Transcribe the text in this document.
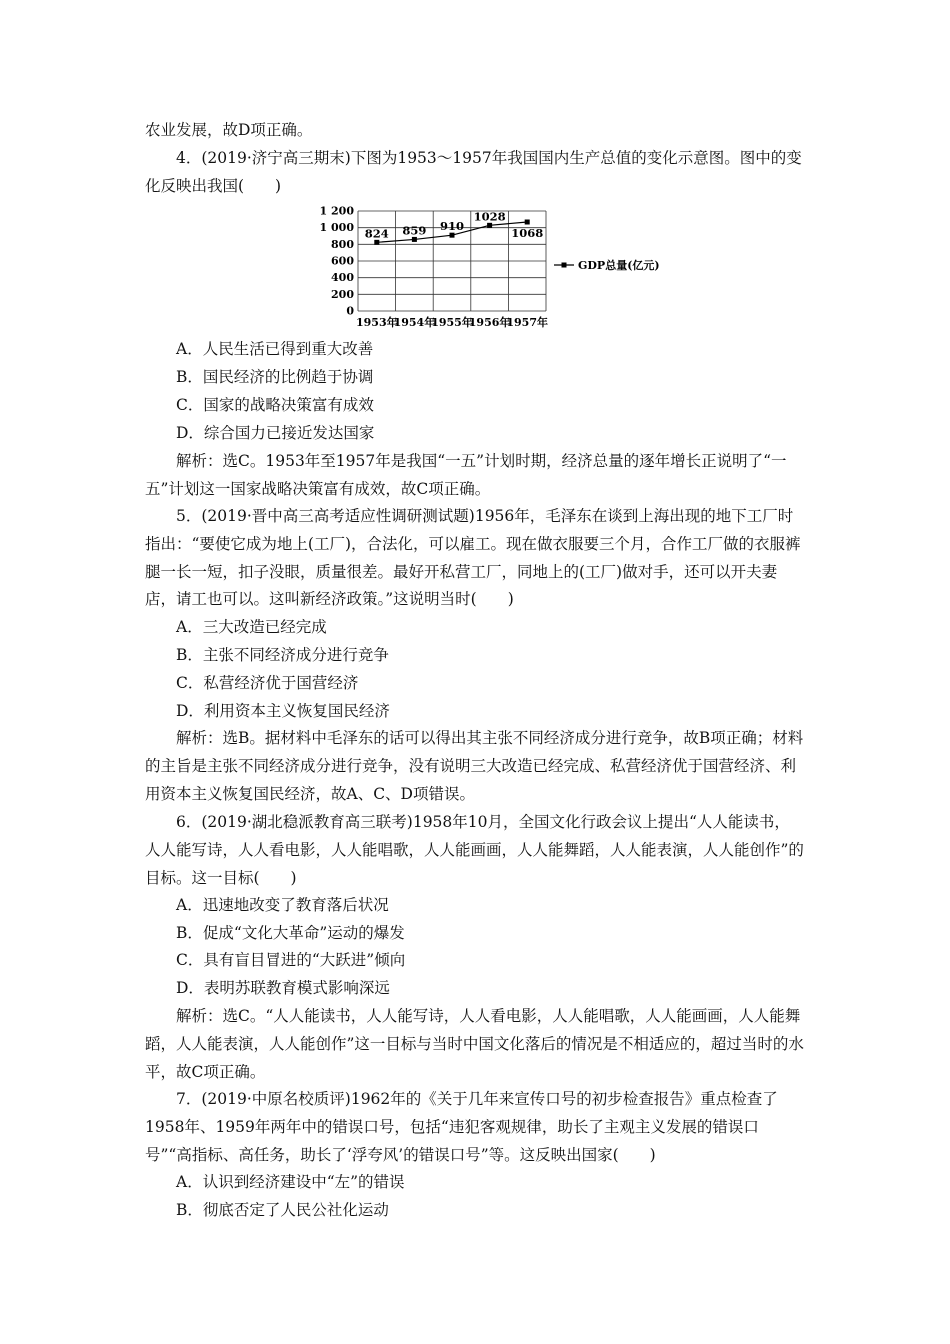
农业发展，故D项正确。

4．(2019·济宁高三期末)下图为1953～1957年我国国内生产总值的变化示意图。图中的变化反映出我国(　　)

0
200
400
600
800
1 000
1 200
1953年
1954年
1955年
1956年
1957年
824 859 910
1028
1068
GDP总量(亿元)

A．人民生活已得到重大改善

B．国民经济的比例趋于协调

C．国家的战略决策富有成效

D．综合国力已接近发达国家

解析：选C。1953年至1957年是我国“一五”计划时期，经济总量的逐年增长正说明了“一五”计划这一国家战略决策富有成效，故C项正确。

5．(2019·晋中高三高考适应性调研测试题)1956年，毛泽东在谈到上海出现的地下工厂时指出：“要使它成为地上(工厂)，合法化，可以雇工。现在做衣服要三个月，合作工厂做的衣服裤腿一长一短，扣子没眼，质量很差。最好开私营工厂，同地上的(工厂)做对手，还可以开夫妻店，请工也可以。这叫新经济政策。”这说明当时(　　)

A．三大改造已经完成

B．主张不同经济成分进行竞争

C．私营经济优于国营经济

D．利用资本主义恢复国民经济

解析：选B。据材料中毛泽东的话可以得出其主张不同经济成分进行竞争，故B项正确；材料的主旨是主张不同经济成分进行竞争，没有说明三大改造已经完成、私营经济优于国营经济、利用资本主义恢复国民经济，故A、C、D项错误。

6．(2019·湖北稳派教育高三联考)1958年10月，全国文化行政会议上提出“人人能读书，人人能写诗，人人看电影，人人能唱歌，人人能画画，人人能舞蹈，人人能表演，人人能创作”的目标。这一目标(　　)

A．迅速地改变了教育落后状况

B．促成“文化大革命”运动的爆发

C．具有盲目冒进的“大跃进”倾向

D．表明苏联教育模式影响深远

解析：选C。“人人能读书，人人能写诗，人人看电影，人人能唱歌，人人能画画，人人能舞蹈，人人能表演，人人能创作”这一目标与当时中国文化落后的情况是不相适应的，超过当时的水平，故C项正确。

7．(2019·中原名校质评)1962年的《关于几年来宣传口号的初步检查报告》重点检查了1958年、1959年两年中的错误口号，包括“违犯客观规律，助长了主观主义发展的错误口号”“高指标、高任务，助长了‘浮夸风’的错误口号”等。这反映出国家(　　)

A．认识到经济建设中“左”的错误

B．彻底否定了人民公社化运动
